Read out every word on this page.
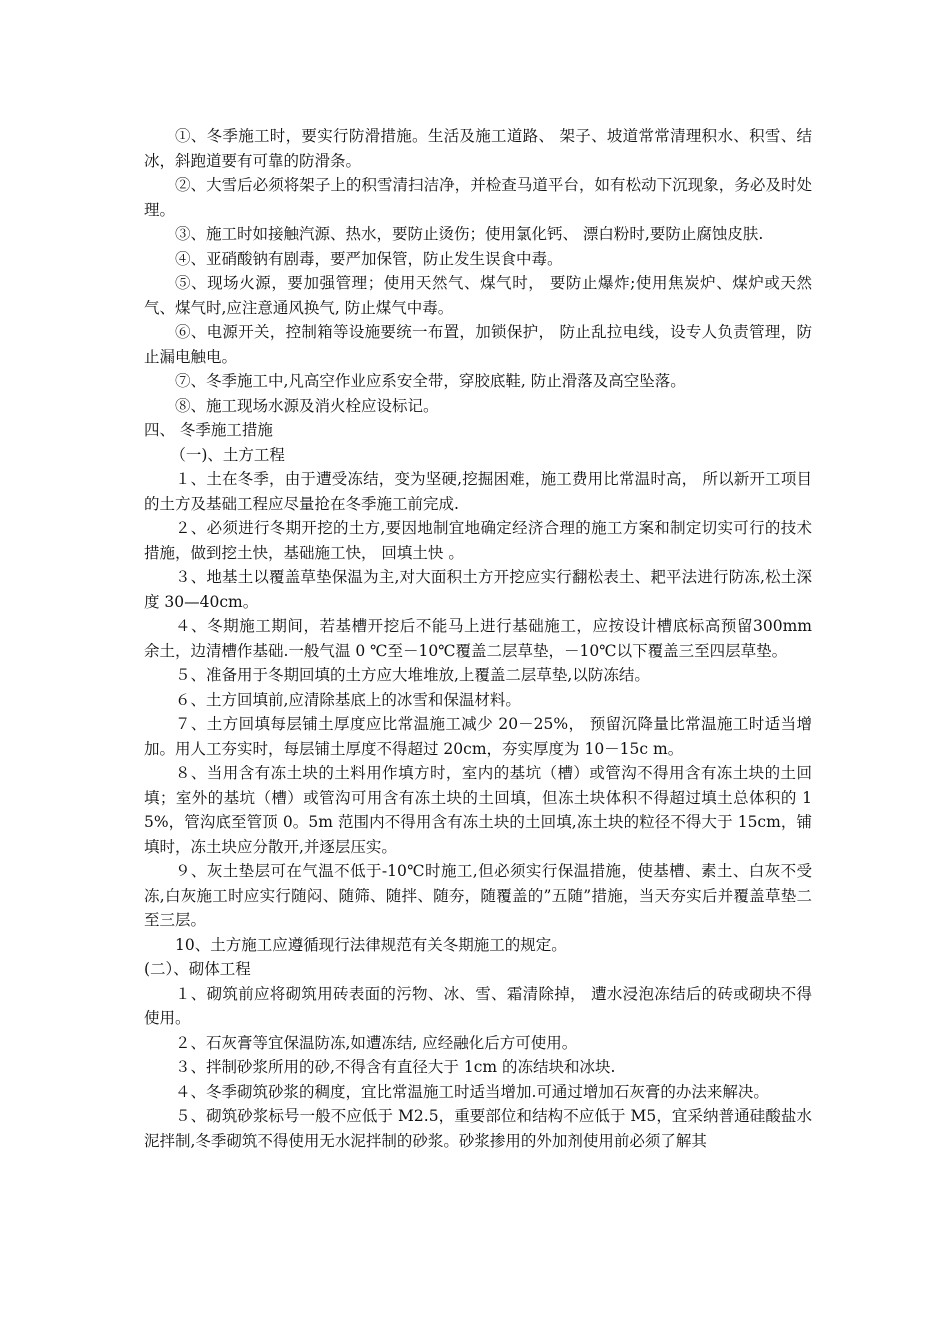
①、冬季施工时，要实行防滑措施。生活及施工道路、 架子、坡道常常清理积水、积雪、结冰，斜跑道要有可靠的防滑条。

②、大雪后必须将架子上的积雪清扫洁净，并检查马道平台，如有松动下沉现象，务必及时处理。

③、施工时如接触汽源、热水，要防止烫伤；使用氯化钙、 漂白粉时,要防止腐蚀皮肤.

④、亚硝酸钠有剧毒，要严加保管，防止发生误食中毒。

⑤、现场火源，要加强管理；使用天然气、煤气时， 要防止爆炸;使用焦炭炉、煤炉或天然气、煤气时,应注意通风换气, 防止煤气中毒。

⑥、电源开关，控制箱等设施要统一布置，加锁保护， 防止乱拉电线，设专人负责管理，防止漏电触电。

⑦、冬季施工中,凡高空作业应系安全带，穿胶底鞋, 防止滑落及高空坠落。

⑧、施工现场水源及消火栓应设标记。

四、 冬季施工措施

（一)、土方工程

１、土在冬季，由于遭受冻结，变为坚硬,挖掘困难，施工费用比常温时高， 所以新开工项目的土方及基础工程应尽量抢在冬季施工前完成.

２、必须进行冬期开挖的土方,要因地制宜地确定经济合理的施工方案和制定切实可行的技术措施，做到挖土快，基础施工快， 回填土快 。

３、地基土以覆盖草垫保温为主,对大面积土方开挖应实行翻松表土、耙平法进行防冻,松土深度 30—40cm。

４、冬期施工期间，若基槽开挖后不能马上进行基础施工，应按设计槽底标高预留300mm 余土，边清槽作基础.一般气温 0 ℃至－10℃覆盖二层草垫，－10℃以下覆盖三至四层草垫。

５、准备用于冬期回填的土方应大堆堆放,上覆盖二层草垫,以防冻结。

６、土方回填前,应清除基底上的冰雪和保温材料。

７、土方回填每层铺土厚度应比常温施工减少 20－25%， 预留沉降量比常温施工时适当增加。用人工夯实时，每层铺土厚度不得超过 20cm，夯实厚度为 10－15c m。

８、当用含有冻土块的土料用作填方时，室内的基坑（槽）或管沟不得用含有冻土块的土回填；室外的基坑（槽）或管沟可用含有冻土块的土回填，但冻土块体积不得超过填土总体积的 15%，管沟底至管顶 0。5m 范围内不得用含有冻土块的土回填,冻土块的粒径不得大于 15cm，铺填时，冻土块应分散开,并逐层压实。

９、灰土垫层可在气温不低于-10℃时施工,但必须实行保温措施，使基槽、素土、白灰不受冻,白灰施工时应实行随闷、随筛、随拌、随夯，随覆盖的”五随”措施，当天夯实后并覆盖草垫二至三层。

10、土方施工应遵循现行法律规范有关冬期施工的规定。

(二）、砌体工程

１、砌筑前应将砌筑用砖表面的污物、冰、雪、霜清除掉， 遭水浸泡冻结后的砖或砌块不得使用。

２、石灰膏等宜保温防冻,如遭冻结, 应经融化后方可使用。

３、拌制砂浆所用的砂,不得含有直径大于 1cm 的冻结块和冰块.

４、冬季砌筑砂浆的稠度，宜比常温施工时适当增加.可通过增加石灰膏的办法来解决。

５、砌筑砂浆标号一般不应低于 M2.5，重要部位和结构不应低于 M5，宜采纳普通硅酸盐水泥拌制,冬季砌筑不得使用无水泥拌制的砂浆。砂浆掺用的外加剂使用前必须了解其
